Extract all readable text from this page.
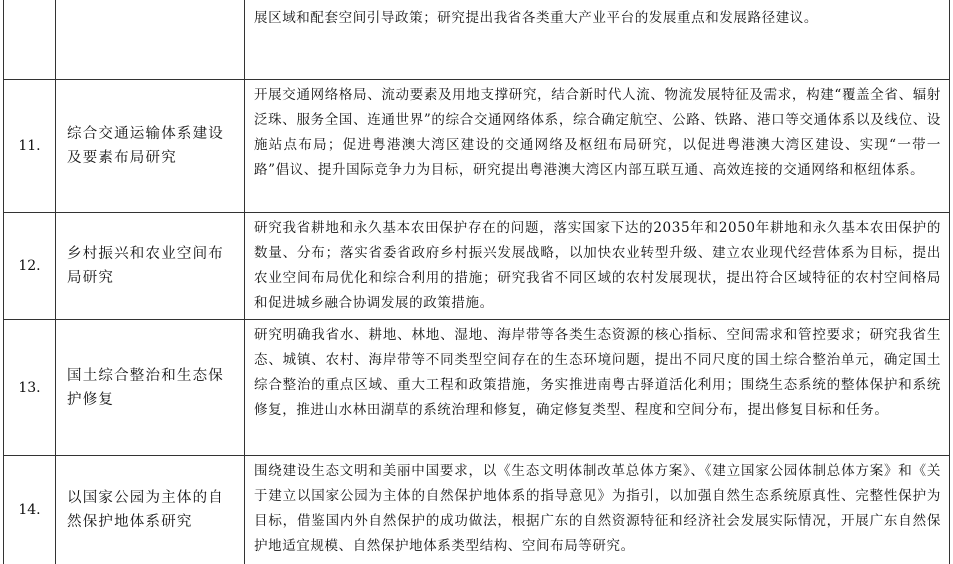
展区域和配套空间引导政策；研究提出我省各类重大产业平台的发展重点和发展路径建议。
11.
综合交通运输体系建设及要素布局研究
开展交通网络格局、流动要素及用地支撑研究，结合新时代人流、物流发展特征及需求，构建“覆盖全省、辐射泛珠、服务全国、连通世界”的综合交通网络体系，综合确定航空、公路、铁路、港口等交通体系以及线位、设施站点布局；促进粤港澳大湾区建设的交通网络及枢纽布局研究，以促进粤港澳大湾区建设、实现“一带一路”倡议、提升国际竞争力为目标，研究提出粤港澳大湾区内部互联互通、高效连接的交通网络和枢纽体系。
12.
乡村振兴和农业空间布局研究
研究我省耕地和永久基本农田保护存在的问题，落实国家下达的2035年和2050年耕地和永久基本农田保护的数量、分布；落实省委省政府乡村振兴发展战略，以加快农业转型升级、建立农业现代经营体系为目标，提出农业空间布局优化和综合利用的措施；研究我省不同区域的农村发展现状，提出符合区域特征的农村空间格局和促进城乡融合协调发展的政策措施。
13.
国土综合整治和生态保护修复
研究明确我省水、耕地、林地、湿地、海岸带等各类生态资源的核心指标、空间需求和管控要求；研究我省生态、城镇、农村、海岸带等不同类型空间存在的生态环境问题，提出不同尺度的国土综合整治单元，确定国土综合整治的重点区域、重大工程和政策措施，务实推进南粤古驿道活化利用；围绕生态系统的整体保护和系统修复，推进山水林田湖草的系统治理和修复，确定修复类型、程度和空间分布，提出修复目标和任务。
14.
以国家公园为主体的自然保护地体系研究
围绕建设生态文明和美丽中国要求，以《生态文明体制改革总体方案》、《建立国家公园体制总体方案》和《关于建立以国家公园为主体的自然保护地体系的指导意见》为指引，以加强自然生态系统原真性、完整性保护为目标，借鉴国内外自然保护的成功做法，根据广东的自然资源特征和经济社会发展实际情况，开展广东自然保护地适宜规模、自然保护地体系类型结构、空间布局等研究。
